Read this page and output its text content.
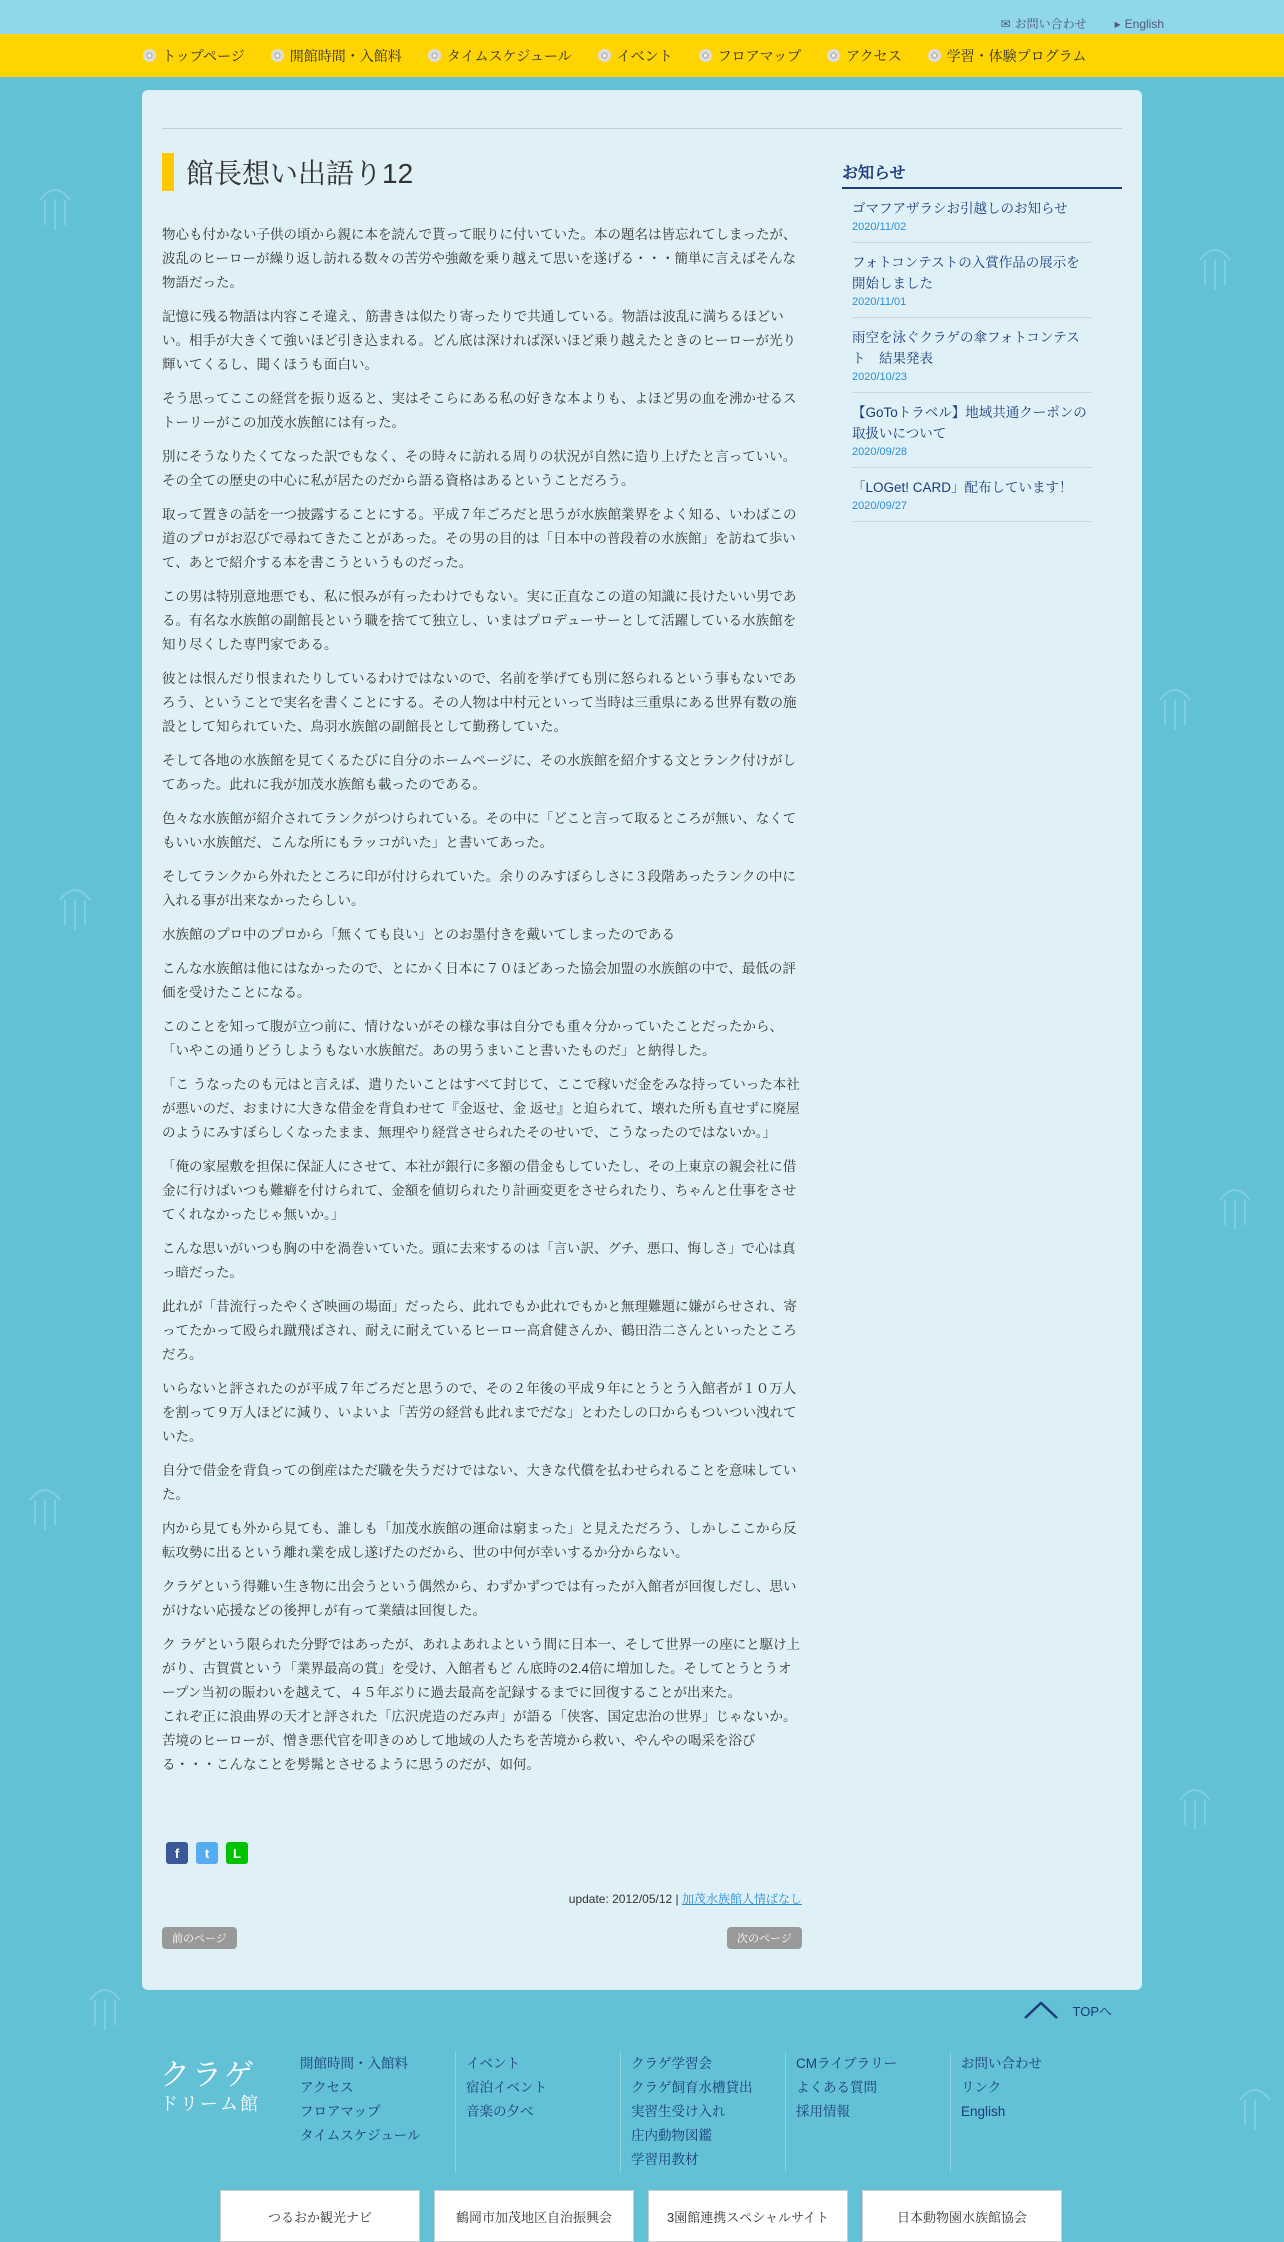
✉ お問い合わせ ▸ English
トップページ	開館時間・入館料	タイムスケジュール	イベント	フロアマップ	アクセス	学習・体験プログラム
館長想い出語り12

物心も付かない子供の頃から親に本を読んで貰って眠りに付いていた。本の題名は皆忘れてしまったが、波乱のヒーローが繰り返し訪れる数々の苦労や強敵を乗り越えて思いを遂げる・・・簡単に言えばそんな物語だった。

記憶に残る物語は内容こそ違え、筋書きは似たり寄ったりで共通している。物語は波乱に満ちるほどいい。相手が大きくて強いほど引き込まれる。どん底は深ければ深いほど乗り越えたときのヒーローが光り輝いてくるし、聞くほうも面白い。

そう思ってここの経営を振り返ると、実はそこらにある私の好きな本よりも、よほど男の血を沸かせるストーリーがこの加茂水族館には有った。

別にそうなりたくてなった訳でもなく、その時々に訪れる周りの状況が自然に造り上げたと言っていい。その全ての歴史の中心に私が居たのだから語る資格はあるということだろう。

取って置きの話を一つ披露することにする。平成７年ごろだと思うが水族館業界をよく知る、いわばこの道のプロがお忍びで尋ねてきたことがあった。その男の目的は「日本中の普段着の水族館」を訪ねて歩いて、あとで紹介する本を書こうというものだった。

この男は特別意地悪でも、私に恨みが有ったわけでもない。実に正直なこの道の知識に長けたいい男である。有名な水族館の副館長という職を捨てて独立し、いまはプロデューサーとして活躍している水族館を知り尽くした専門家である。

彼とは恨んだり恨まれたりしているわけではないので、名前を挙げても別に怒られるという事もないであろう、ということで実名を書くことにする。その人物は中村元といって当時は三重県にある世界有数の施設として知られていた、鳥羽水族館の副館長として勤務していた。

そして各地の水族館を見てくるたびに自分のホームページに、その水族館を紹介する文とランク付けがしてあった。此れに我が加茂水族館も載ったのである。

色々な水族館が紹介されてランクがつけられている。その中に「どこと言って取るところが無い、なくてもいい水族館だ、こんな所にもラッコがいた」と書いてあった。

そしてランクから外れたところに印が付けられていた。余りのみすぼらしさに３段階あったランクの中に入れる事が出来なかったらしい。

水族館のプロ中のプロから「無くても良い」とのお墨付きを戴いてしまったのである

こんな水族館は他にはなかったので、とにかく日本に７０ほどあった協会加盟の水族館の中で、最低の評価を受けたことになる。

このことを知って腹が立つ前に、情けないがその様な事は自分でも重々分かっていたことだったから、「いやこの通りどうしようもない水族館だ。あの男うまいこと書いたものだ」と納得した。

「こ うなったのも元はと言えば、遣りたいことはすべて封じて、ここで稼いだ金をみな持っていった本社が悪いのだ、おまけに大きな借金を背負わせて『金返せ、金 返せ』と迫られて、壊れた所も直せずに廃屋のようにみすぼらしくなったまま、無理やり経営させられたそのせいで、こうなったのではないか。」

「俺の家屋敷を担保に保証人にさせて、本社が銀行に多額の借金もしていたし、その上東京の親会社に借金に行けばいつも難癖を付けられて、金額を値切られたり計画変更をさせられたり、ちゃんと仕事をさせてくれなかったじゃ無いか。」

こんな思いがいつも胸の中を渦巻いていた。頭に去来するのは「言い訳、グチ、悪口、悔しさ」で心は真っ暗だった。

此れが「昔流行ったやくざ映画の場面」だったら、此れでもか此れでもかと無理難題に嫌がらせされ、寄ってたかって殴られ蹴飛ばされ、耐えに耐えているヒーロー高倉健さんか、鶴田浩二さんといったところだろ。

いらないと評されたのが平成７年ごろだと思うので、その２年後の平成９年にとうとう入館者が１０万人を割って９万人ほどに減り、いよいよ「苦労の経営も此れまでだな」とわたしの口からもついつい洩れていた。

自分で借金を背負っての倒産はただ職を失うだけではない、大きな代償を払わせられることを意味していた。

内から見ても外から見ても、誰しも「加茂水族館の運命は窮まった」と見えただろう、しかしここから反転攻勢に出るという離れ業を成し遂げたのだから、世の中何が幸いするか分からない。

クラゲという得難い生き物に出会うという偶然から、わずかずつでは有ったが入館者が回復しだし、思いがけない応援などの後押しが有って業績は回復した。

ク ラゲという限られた分野ではあったが、あれよあれよという間に日本一、そして世界一の座にと駆け上がり、古賀賞という「業界最高の賞」を受け、入館者もど ん底時の2.4倍に増加した。そしてとうとうオープン当初の賑わいを越えて、４５年ぶりに過去最高を記録するまでに回復することが出来た。
これぞ正に浪曲界の天才と評された「広沢虎造のだみ声」が語る「侠客、国定忠治の世界」じゃないか。苦境のヒーローが、憎き悪代官を叩きのめして地域の人たちを苦境から救い、やんやの喝采を浴びる・・・こんなことを髣髴とさせるように思うのだが、如何。

f	t	L
update: 2012/05/12 | 加茂水族館人情ばなし
前のページ	次のページ
お知らせ
ゴマフアザラシお引越しのお知らせ
2020/11/02
フォトコンテストの入賞作品の展示を開始しました
2020/11/01
雨空を泳ぐクラゲの傘フォトコンテスト　結果発表
2020/10/23
【GoToトラベル】地域共通クーポンの取扱いについて
2020/09/28
「LOGet! CARD」配布しています！
2020/09/27
TOPへ
クラゲ
ドリーム館
開館時間・入館料
アクセス
フロアマップ
タイムスケジュール
イベント
宿泊イベント
音楽の夕べ
クラゲ学習会
クラゲ飼育水槽貸出
実習生受け入れ
庄内動物図鑑
学習用教材
CMライブラリー
よくある質問
採用情報
お問い合わせ
リンク
English
つるおか観光ナビ	鶴岡市加茂地区自治振興会	3園館連携スペシャルサイト	日本動物園水族館協会
